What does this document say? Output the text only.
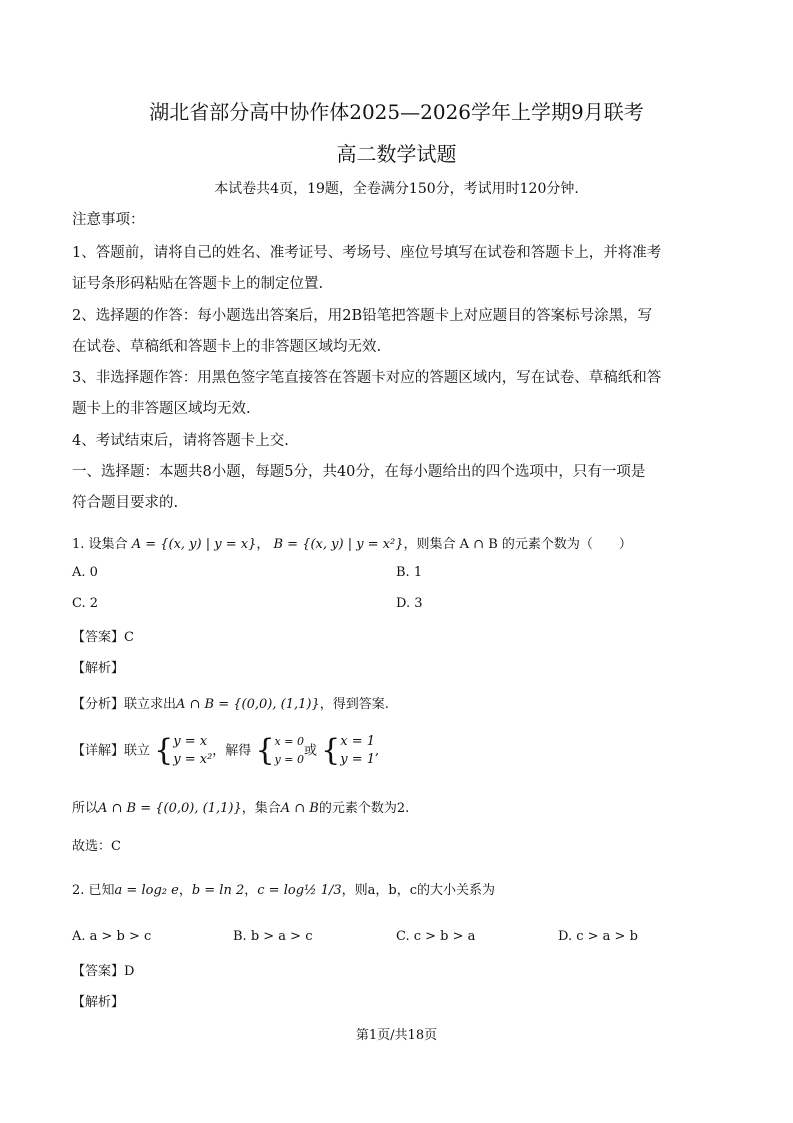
湖北省部分高中协作体2025—2026学年上学期9月联考
高二数学试题
本试卷共4页，19题，全卷满分150分，考试用时120分钟.
注意事项：
1、答题前，请将自己的姓名、准考证号、考场号、座位号填写在试卷和答题卡上，并将准考
证号条形码粘贴在答题卡上的制定位置.
2、选择题的作答：每小题选出答案后，用2B铅笔把答题卡上对应题目的答案标号涂黑，写
在试卷、草稿纸和答题卡上的非答题区域均无效.
3、非选择题作答：用黑色签字笔直接答在答题卡对应的答题区域内，写在试卷、草稿纸和答
题卡上的非答题区域均无效.
4、考试结束后，请将答题卡上交.
一、选择题：本题共8小题，每题5分，共40分，在每小题给出的四个选项中，只有一项是
符合题目要求的.
1. 设集合 A = {(x, y) | y = x}， B = {(x, y) | y = x²}，则集合 A ∩ B 的元素个数为（　　）
A. 0	B. 1
C. 2	D. 3
【答案】C
【解析】
【分析】联立求出A ∩ B = {(0,0), (1,1)}，得到答案.
【详解】联立 {y = x
y = x²，解得 {x = 0
y = 0或 {x = 1
y = 1,
所以A ∩ B = {(0,0), (1,1)}，集合A ∩ B的元素个数为2.
故选：C
2. 已知a = log₂ e，b = ln 2，c = log½ 1/3，则a，b，c的大小关系为
A. a > b > c	B. b > a > c	C. c > b > a	D. c > a > b
【答案】D
【解析】
第1页/共18页
